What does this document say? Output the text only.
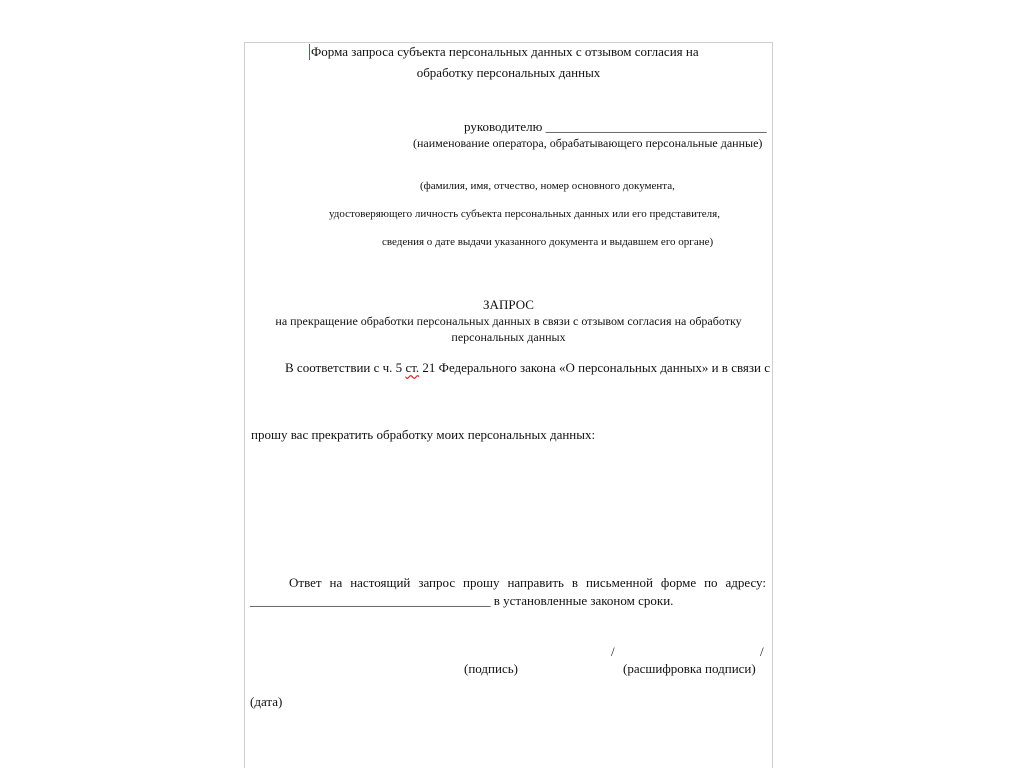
Форма запроса субъекта персональных данных с отзывом согласия на
обработку персональных данных
руководителю __________________________________
(наименование оператора, обрабатывающего персональные данные)
(фамилия, имя, отчество, номер основного документа,
удостоверяющего личность субъекта персональных данных или его представителя,
сведения о дате выдачи указанного документа и выдавшем его органе)
ЗАПРОС
на прекращение обработки персональных данных в связи с отзывом согласия на обработку
персональных данных
В соответствии с ч. 5 ст. 21 Федерального закона «О персональных данных» и в связи с
прошу вас прекратить обработку моих персональных данных:
Ответ на настоящий запрос прошу направить в письменной форме по адресу:
_____________________________________ в установленные законом сроки.
/	/
(подпись)	(расшифровка подписи)
(дата)
